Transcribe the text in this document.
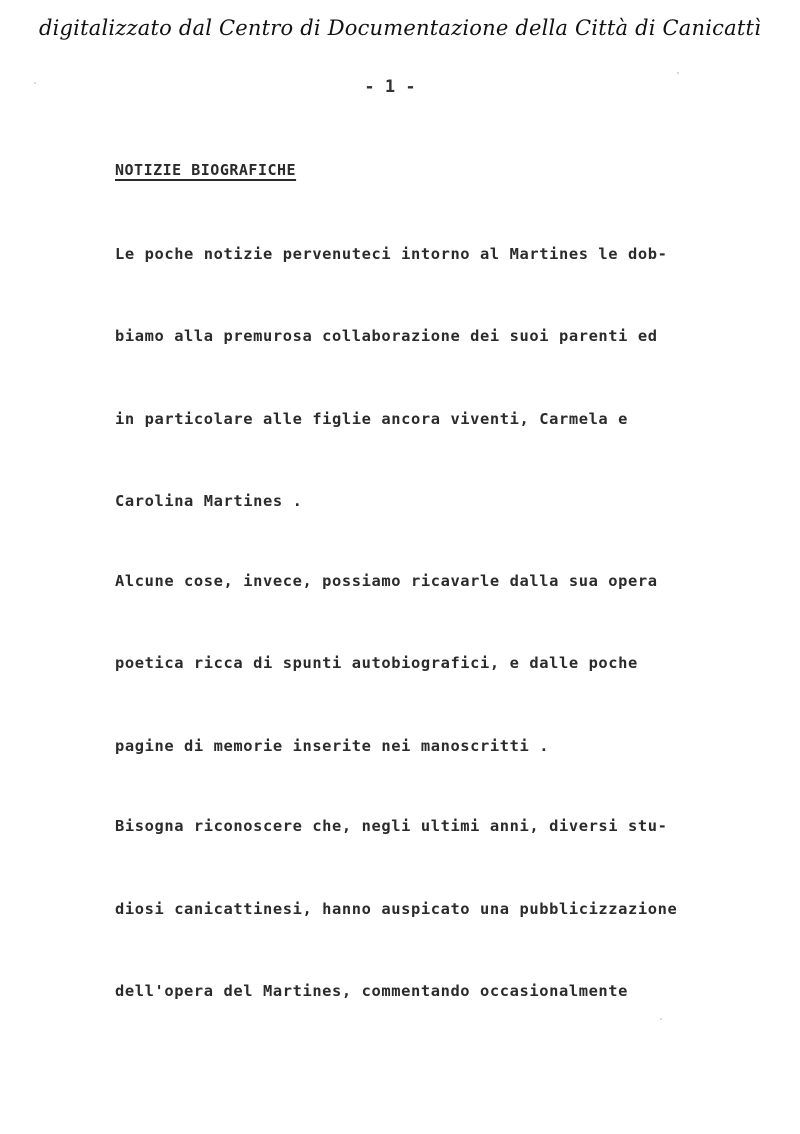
digitalizzato dal Centro di Documentazione della Città di Canicattì
- 1 -
NOTIZIE BIOGRAFICHE
Le poche notizie pervenuteci intorno al Martines le dob-
biamo alla premurosa collaborazione dei suoi parenti ed
in particolare alle figlie ancora viventi, Carmela e
Carolina Martines .
Alcune cose, invece, possiamo ricavarle dalla sua opera
poetica ricca di spunti autobiografici, e dalle poche
pagine di memorie inserite nei manoscritti .
Bisogna riconoscere che, negli ultimi anni, diversi stu-
diosi canicattinesi, hanno auspicato una pubblicizzazione
dell'opera del Martines, commentando occasionalmente
